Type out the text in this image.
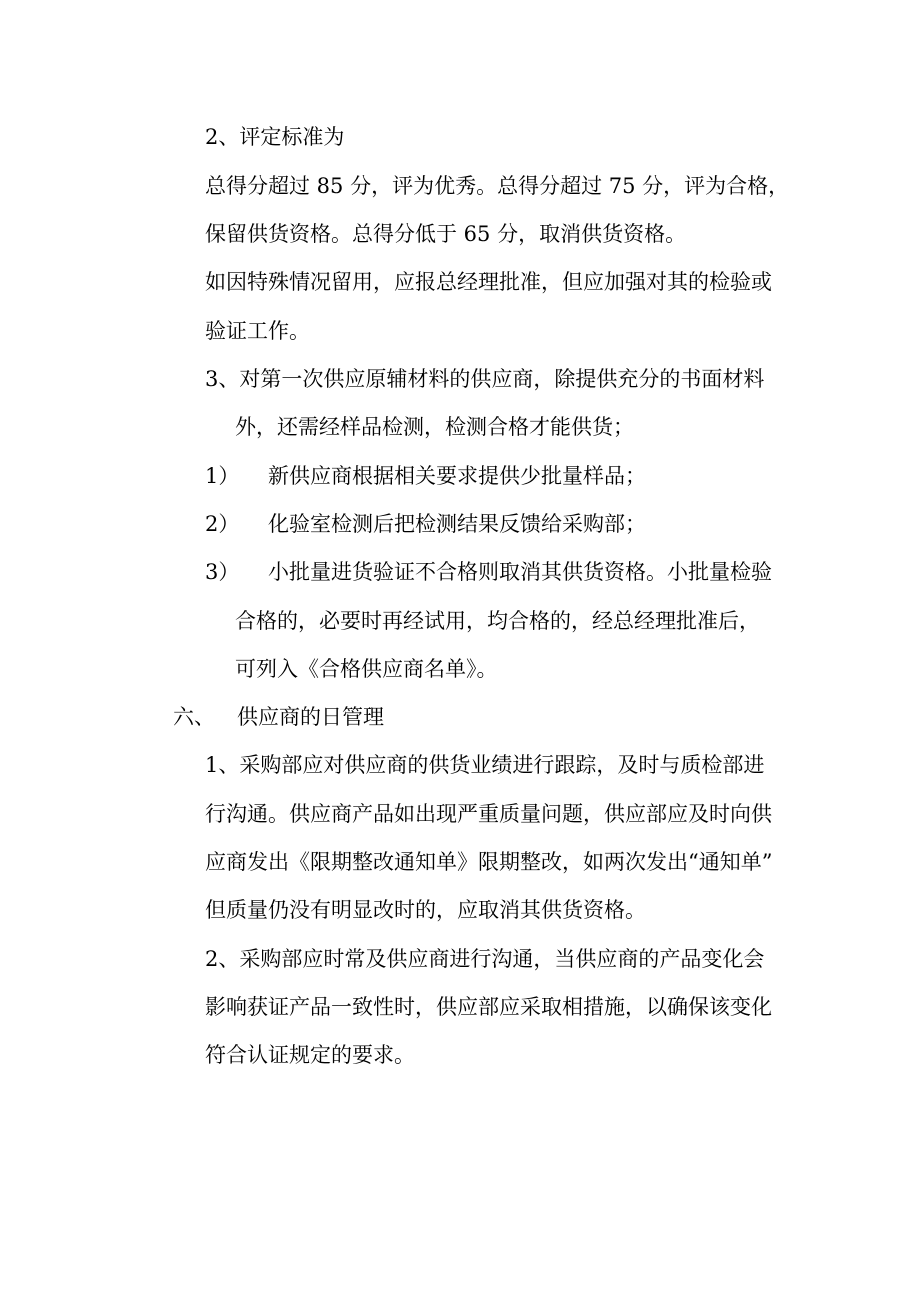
2、评定标准为
总得分超过 85 分，评为优秀。总得分超过 75 分，评为合格，
保留供货资格。总得分低于 65 分，取消供货资格。
如因特殊情况留用，应报总经理批准，但应加强对其的检验或
验证工作。
3、对第一次供应原辅材料的供应商，除提供充分的书面材料
外，还需经样品检测，检测合格才能供货；
1） 新供应商根据相关要求提供少批量样品；
2） 化验室检测后把检测结果反馈给采购部；
3） 小批量进货验证不合格则取消其供货资格。小批量检验
合格的，必要时再经试用，均合格的，经总经理批准后，
可列入《合格供应商名单》。
六、 供应商的日管理
1、采购部应对供应商的供货业绩进行跟踪，及时与质检部进
行沟通。供应商产品如出现严重质量问题，供应部应及时向供
应商发出《限期整改通知单》限期整改，如两次发出“通知单”
但质量仍没有明显改时的，应取消其供货资格。
2、采购部应时常及供应商进行沟通，当供应商的产品变化会
影响获证产品一致性时，供应部应采取相措施，以确保该变化
符合认证规定的要求。
